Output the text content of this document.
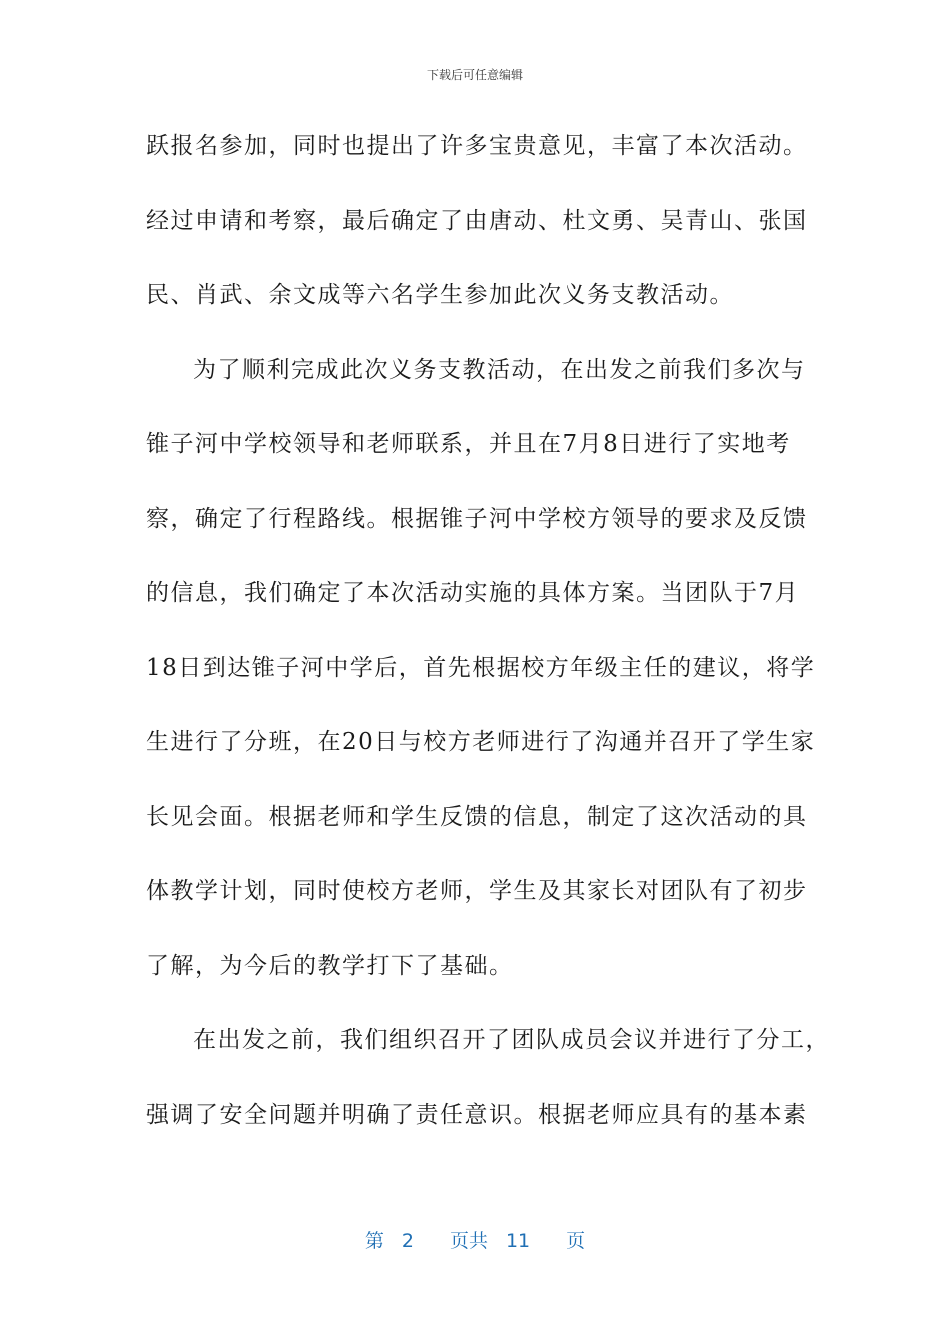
下载后可任意编辑
跃报名参加，同时也提出了许多宝贵意见，丰富了本次活动。
经过申请和考察，最后确定了由唐动、杜文勇、吴青山、张国
民、肖武、余文成等六名学生参加此次义务支教活动。
为了顺利完成此次义务支教活动，在出发之前我们多次与
锥子河中学校领导和老师联系，并且在7月8日进行了实地考
察，确定了行程路线。根据锥子河中学校方领导的要求及反馈
的信息，我们确定了本次活动实施的具体方案。当团队于7月
18日到达锥子河中学后，首先根据校方年级主任的建议，将学
生进行了分班，在20日与校方老师进行了沟通并召开了学生家
长见会面。根据老师和学生反馈的信息，制定了这次活动的具
体教学计划，同时使校方老师，学生及其家长对团队有了初步
了解，为今后的教学打下了基础。
在出发之前，我们组织召开了团队成员会议并进行了分工，
强调了安全问题并明确了责任意识。根据老师应具有的基本素
第 2 页共 11 页
